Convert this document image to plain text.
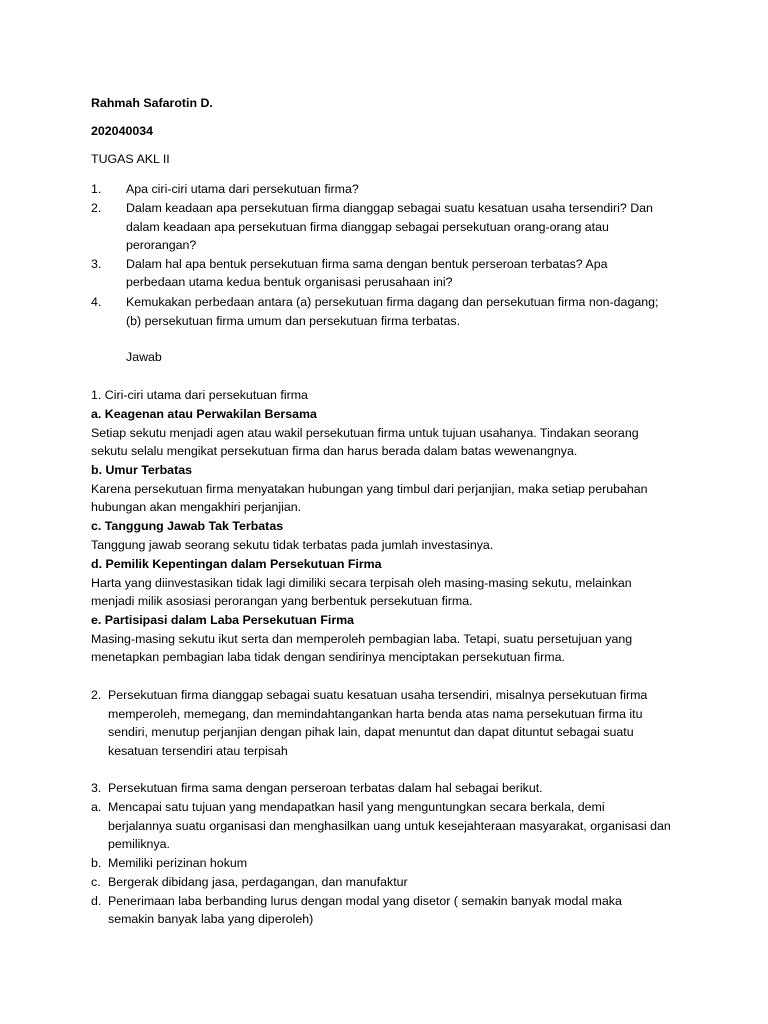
Rahmah Safarotin D.
202040034
TUGAS AKL II
1. Apa ciri-ciri utama dari persekutuan firma?
2. Dalam keadaan apa persekutuan firma dianggap sebagai suatu kesatuan usaha tersendiri? Dan
dalam keadaan apa persekutuan firma dianggap sebagai persekutuan orang-orang atau
perorangan?
3. Dalam hal apa bentuk persekutuan firma sama dengan bentuk perseroan terbatas? Apa
perbedaan utama kedua bentuk organisasi perusahaan ini?
4. Kemukakan perbedaan antara (a) persekutuan firma dagang dan persekutuan firma non-dagang;
(b) persekutuan firma umum dan persekutuan firma terbatas.
Jawab
1. Ciri-ciri utama dari persekutuan firma
a. Keagenan atau Perwakilan Bersama
Setiap sekutu menjadi agen atau wakil persekutuan firma untuk tujuan usahanya. Tindakan seorang
sekutu selalu mengikat persekutuan firma dan harus berada dalam batas wewenangnya.
b. Umur Terbatas
Karena persekutuan firma menyatakan hubungan yang timbul dari perjanjian, maka setiap perubahan
hubungan akan mengakhiri perjanjian.
c. Tanggung Jawab Tak Terbatas
Tanggung jawab seorang sekutu tidak terbatas pada jumlah investasinya.
d. Pemilik Kepentingan dalam Persekutuan Firma
Harta yang diinvestasikan tidak lagi dimiliki secara terpisah oleh masing-masing sekutu, melainkan
menjadi milik asosiasi perorangan yang berbentuk persekutuan firma.
e. Partisipasi dalam Laba Persekutuan Firma
Masing-masing sekutu ikut serta dan memperoleh pembagian laba. Tetapi, suatu persetujuan yang
menetapkan pembagian laba tidak dengan sendirinya menciptakan persekutuan firma.
2. Persekutuan firma dianggap sebagai suatu kesatuan usaha tersendiri, misalnya persekutuan firma
memperoleh, memegang, dan memindahtangankan harta benda atas nama persekutuan firma itu
sendiri, menutup perjanjian dengan pihak lain, dapat menuntut dan dapat dituntut sebagai suatu
kesatuan tersendiri atau terpisah
3. Persekutuan firma sama dengan perseroan terbatas dalam hal sebagai berikut.
a. Mencapai satu tujuan yang mendapatkan hasil yang menguntungkan secara berkala, demi
berjalannya suatu organisasi dan menghasilkan uang untuk kesejahteraan masyarakat, organisasi dan
pemiliknya.
b. Memiliki perizinan hokum
c. Bergerak dibidang jasa, perdagangan, dan manufaktur
d. Penerimaan laba berbanding lurus dengan modal yang disetor ( semakin banyak modal maka
semakin banyak laba yang diperoleh)
